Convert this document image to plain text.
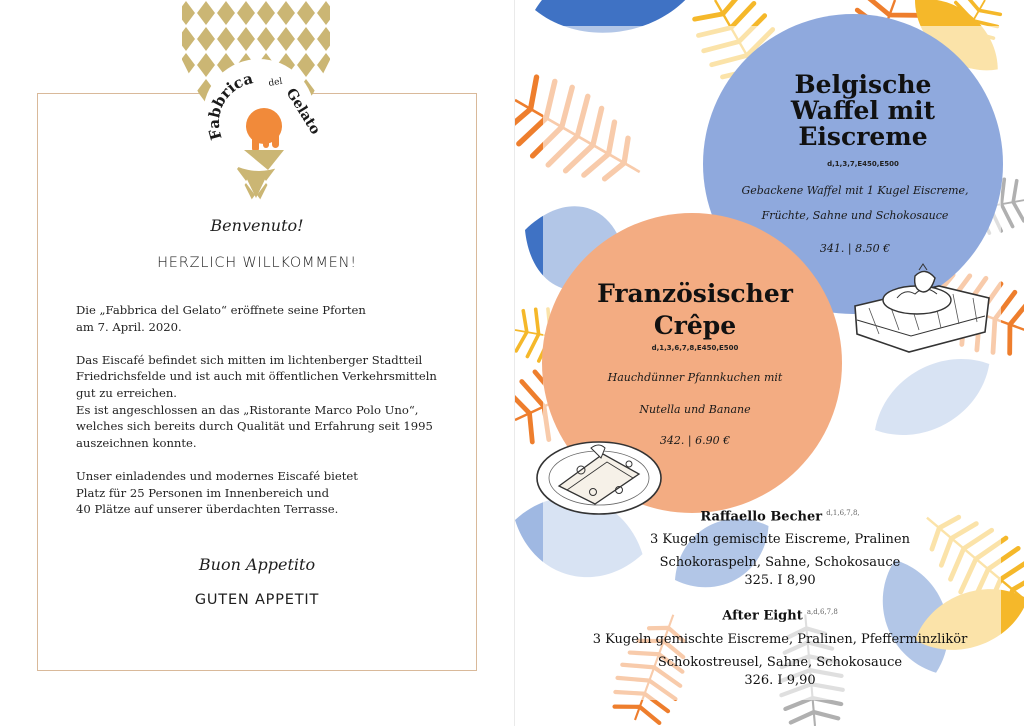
Fabbrica del
Gelato
Benvenuto!
HERZLICH WILLKOMMEN!

Die „Fabbrica del Gelato“ eröffnete seine Pforten
am 7. April. 2020.

Das Eiscafé befindet sich mitten im lichtenberger Stadtteil
Friedrichsfelde und ist auch mit öffentlichen Verkehrsmitteln
gut zu erreichen.
Es ist angeschlossen an das „Ristorante Marco Polo Uno“,
welches sich bereits durch Qualität und Erfahrung seit 1995
auszeichnen konnte.

Unser einladendes und modernes Eiscafé bietet
Platz für 25 Personen im Innenbereich und
40 Plätze auf unserer überdachten Terrasse.

Buon Appetito
GUTEN APPETIT
Belgische
Waffel mit
Eiscreme
d,1,3,7,E450,E500
Gebackene Waffel mit 1 Kugel Eiscreme,
Früchte, Sahne und Schokosauce
341. | 8.50 €
Französischer
Crêpe
d,1,3,6,7,8,E450,E500
Hauchdünner Pfannkuchen mit
Nutella und Banane
342. | 6.90 €
Raffaello Becher $^{d,1,6,7,8,}$
3 Kugeln gemischte Eiscreme, Pralinen
Schokoraspeln, Sahne, Schokosauce
325. I 8,90
After Eight $^{a,d,6,7,8}$
3 Kugeln gemischte Eiscreme, Pralinen, Pfefferminzlikör
Schokostreusel, Sahne, Schokosauce
326. I 9,90
